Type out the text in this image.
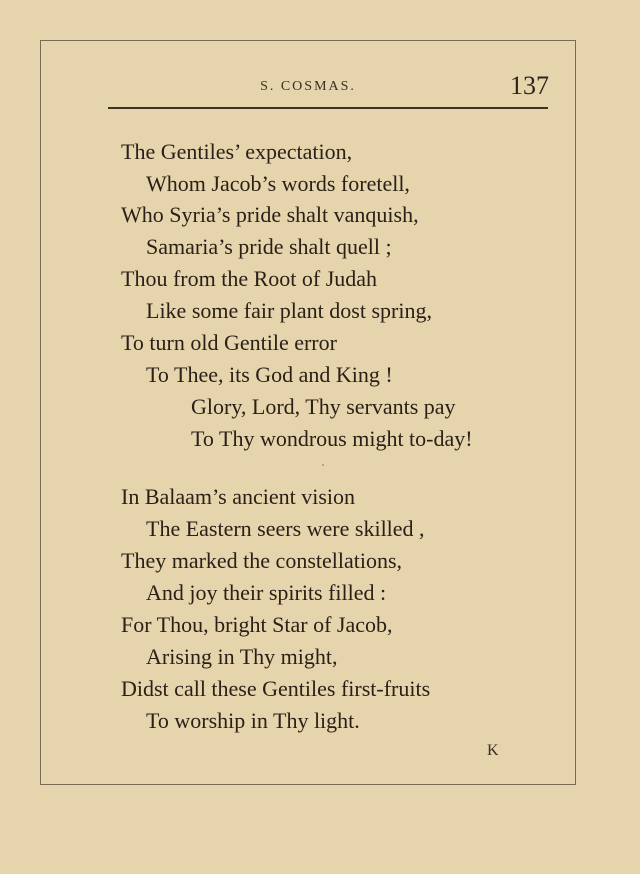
S. COSMAS.	137
The Gentiles’ expectation,
Whom Jacob’s words foretell,
Who Syria’s pride shalt vanquish,
Samaria’s pride shalt quell ;
Thou from the Root of Judah
Like some fair plant dost spring,
To turn old Gentile error
To Thee, its God and King !
Glory, Lord, Thy servants pay
To Thy wondrous might to-day!
In Balaam’s ancient vision
The Eastern seers were skilled ,
They marked the constellations,
And joy their spirits filled :
For Thou, bright Star of Jacob,
Arising in Thy might,
Didst call these Gentiles first-fruits
To worship in Thy light.
K
